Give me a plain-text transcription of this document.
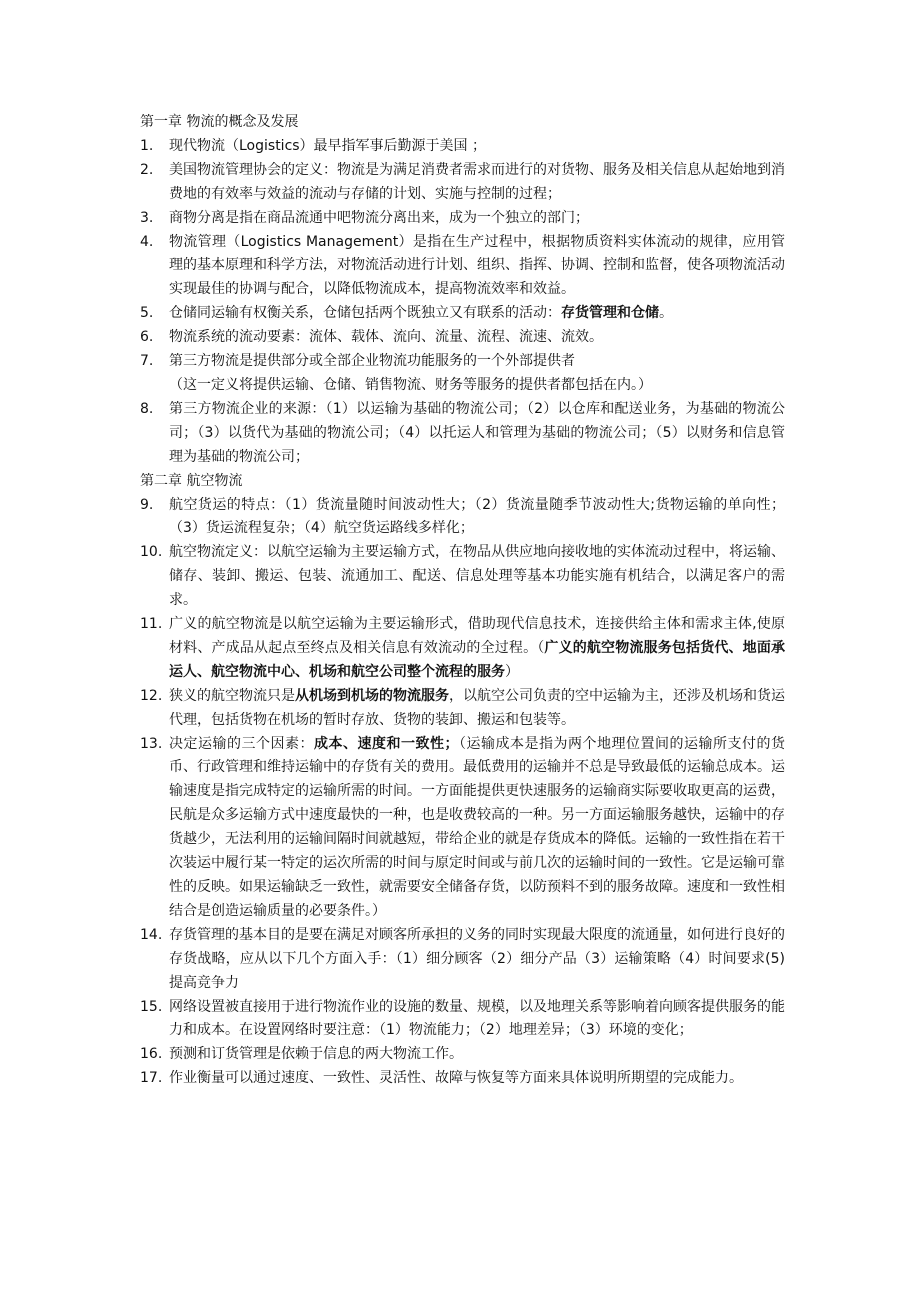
第一章 物流的概念及发展
1.	现代物流（Logistics）最早指军事后勤源于美国 ；
2.	美国物流管理协会的定义：物流是为满足消费者需求而进行的对货物、服务及相关信息从起始地到消费地的有效率与效益的流动与存储的计划、实施与控制的过程；
3.	商物分离是指在商品流通中吧物流分离出来，成为一个独立的部门；
4.	物流管理（Logistics Management）是指在生产过程中，根据物质资料实体流动的规律，应用管理的基本原理和科学方法，对物流活动进行计划、组织、指挥、协调、控制和监督，使各项物流活动实现最佳的协调与配合，以降低物流成本，提高物流效率和效益。
5.	仓储同运输有权衡关系，仓储包括两个既独立又有联系的活动：存货管理和仓储。
6.	物流系统的流动要素：流体、载体、流向、流量、流程、流速、流效。
7.	第三方物流是提供部分或全部企业物流功能服务的一个外部提供者
（这一定义将提供运输、仓储、销售物流、财务等服务的提供者都包括在内。）
8.	第三方物流企业的来源：（1）以运输为基础的物流公司；（2）以仓库和配送业务，为基础的物流公司；（3）以货代为基础的物流公司；（4）以托运人和管理为基础的物流公司；（5）以财务和信息管理为基础的物流公司；
第二章 航空物流
9.	航空货运的特点：（1）货流量随时间波动性大；（2）货流量随季节波动性大;货物运输的单向性；（3）货运流程复杂；（4）航空货运路线多样化；
10. 航空物流定义：以航空运输为主要运输方式，在物品从供应地向接收地的实体流动过程中，将运输、储存、装卸、搬运、包装、流通加工、配送、信息处理等基本功能实施有机结合，以满足客户的需求。
11. 广义的航空物流是以航空运输为主要运输形式，借助现代信息技术，连接供给主体和需求主体,使原材料、产成品从起点至终点及相关信息有效流动的全过程。（广义的航空物流服务包括货代、地面承运人、航空物流中心、机场和航空公司整个流程的服务）
12. 狭义的航空物流只是从机场到机场的物流服务，以航空公司负责的空中运输为主，还涉及机场和货运代理，包括货物在机场的暂时存放、货物的装卸、搬运和包装等。
13. 决定运输的三个因素：成本、速度和一致性；（运输成本是指为两个地理位置间的运输所支付的货币、行政管理和维持运输中的存货有关的费用。最低费用的运输并不总是导致最低的运输总成本。运输速度是指完成特定的运输所需的时间。一方面能提供更快速服务的运输商实际要收取更高的运费，民航是众多运输方式中速度最快的一种，也是收费较高的一种。另一方面运输服务越快，运输中的存货越少，无法利用的运输间隔时间就越短，带给企业的就是存货成本的降低。运输的一致性指在若干次装运中履行某一特定的运次所需的时间与原定时间或与前几次的运输时间的一致性。它是运输可靠性的反映。如果运输缺乏一致性，就需要安全储备存货，以防预料不到的服务故障。速度和一致性相结合是创造运输质量的必要条件。）
14. 存货管理的基本目的是要在满足对顾客所承担的义务的同时实现最大限度的流通量，如何进行良好的存货战略，应从以下几个方面入手：（1）细分顾客（2）细分产品（3）运输策略（4）时间要求(5) 提高竞争力
15. 网络设置被直接用于进行物流作业的设施的数量、规模，以及地理关系等影响着向顾客提供服务的能力和成本。在设置网络时要注意：（1）物流能力；（2）地理差异；（3）环境的变化；
16. 预测和订货管理是依赖于信息的两大物流工作。
17. 作业衡量可以通过速度、一致性、灵活性、故障与恢复等方面来具体说明所期望的完成能力。
